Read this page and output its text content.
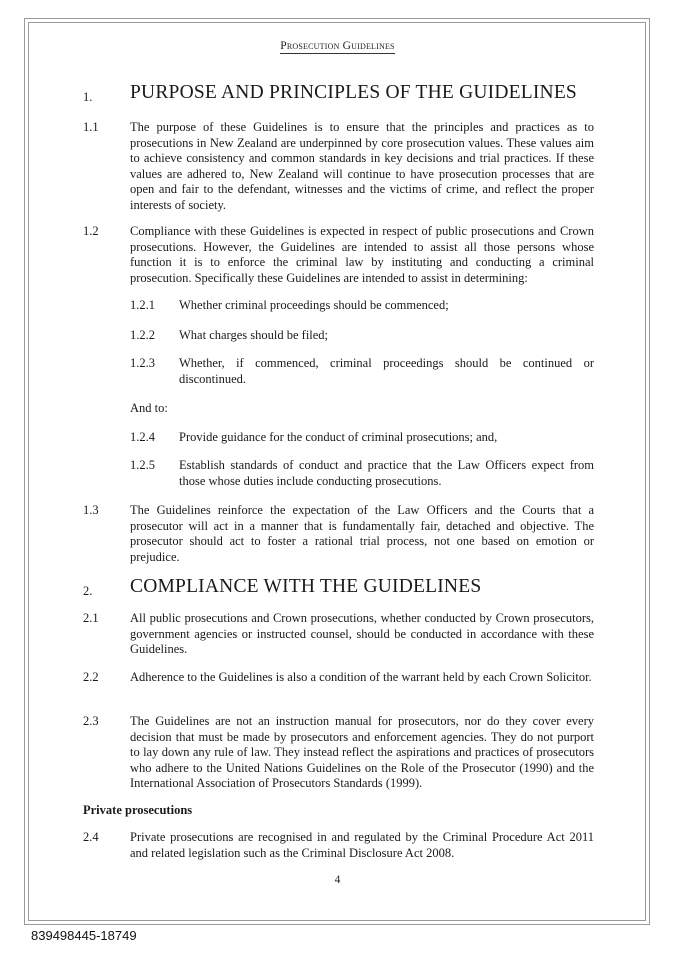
Prosecution Guidelines
1. PURPOSE AND PRINCIPLES OF THE GUIDELINES
1.1	The purpose of these Guidelines is to ensure that the principles and practices as to prosecutions in New Zealand are underpinned by core prosecution values. These values aim to achieve consistency and common standards in key decisions and trial practices. If these values are adhered to, New Zealand will continue to have prosecution processes that are open and fair to the defendant, witnesses and the victims of crime, and reflect the proper interests of society.
1.2	Compliance with these Guidelines is expected in respect of public prosecutions and Crown prosecutions. However, the Guidelines are intended to assist all those persons whose function it is to enforce the criminal law by instituting and conducting a criminal prosecution. Specifically these Guidelines are intended to assist in determining:
1.2.1 Whether criminal proceedings should be commenced;
1.2.2 What charges should be filed;
1.2.3 Whether, if commenced, criminal proceedings should be continued or discontinued.
And to:
1.2.4 Provide guidance for the conduct of criminal prosecutions; and,
1.2.5 Establish standards of conduct and practice that the Law Officers expect from those whose duties include conducting prosecutions.
1.3	The Guidelines reinforce the expectation of the Law Officers and the Courts that a prosecutor will act in a manner that is fundamentally fair, detached and objective. The prosecutor should act to foster a rational trial process, not one based on emotion or prejudice.
2. COMPLIANCE WITH THE GUIDELINES
2.1	All public prosecutions and Crown prosecutions, whether conducted by Crown prosecutors, government agencies or instructed counsel, should be conducted in accordance with these Guidelines.
2.2	Adherence to the Guidelines is also a condition of the warrant held by each Crown Solicitor.
2.3	The Guidelines are not an instruction manual for prosecutors, nor do they cover every decision that must be made by prosecutors and enforcement agencies. They do not purport to lay down any rule of law. They instead reflect the aspirations and practices of prosecutors who adhere to the United Nations Guidelines on the Role of the Prosecutor (1990) and the International Association of Prosecutors Standards (1999).
Private prosecutions
2.4	Private prosecutions are recognised in and regulated by the Criminal Procedure Act 2011 and related legislation such as the Criminal Disclosure Act 2008.
4
839498445-18749
